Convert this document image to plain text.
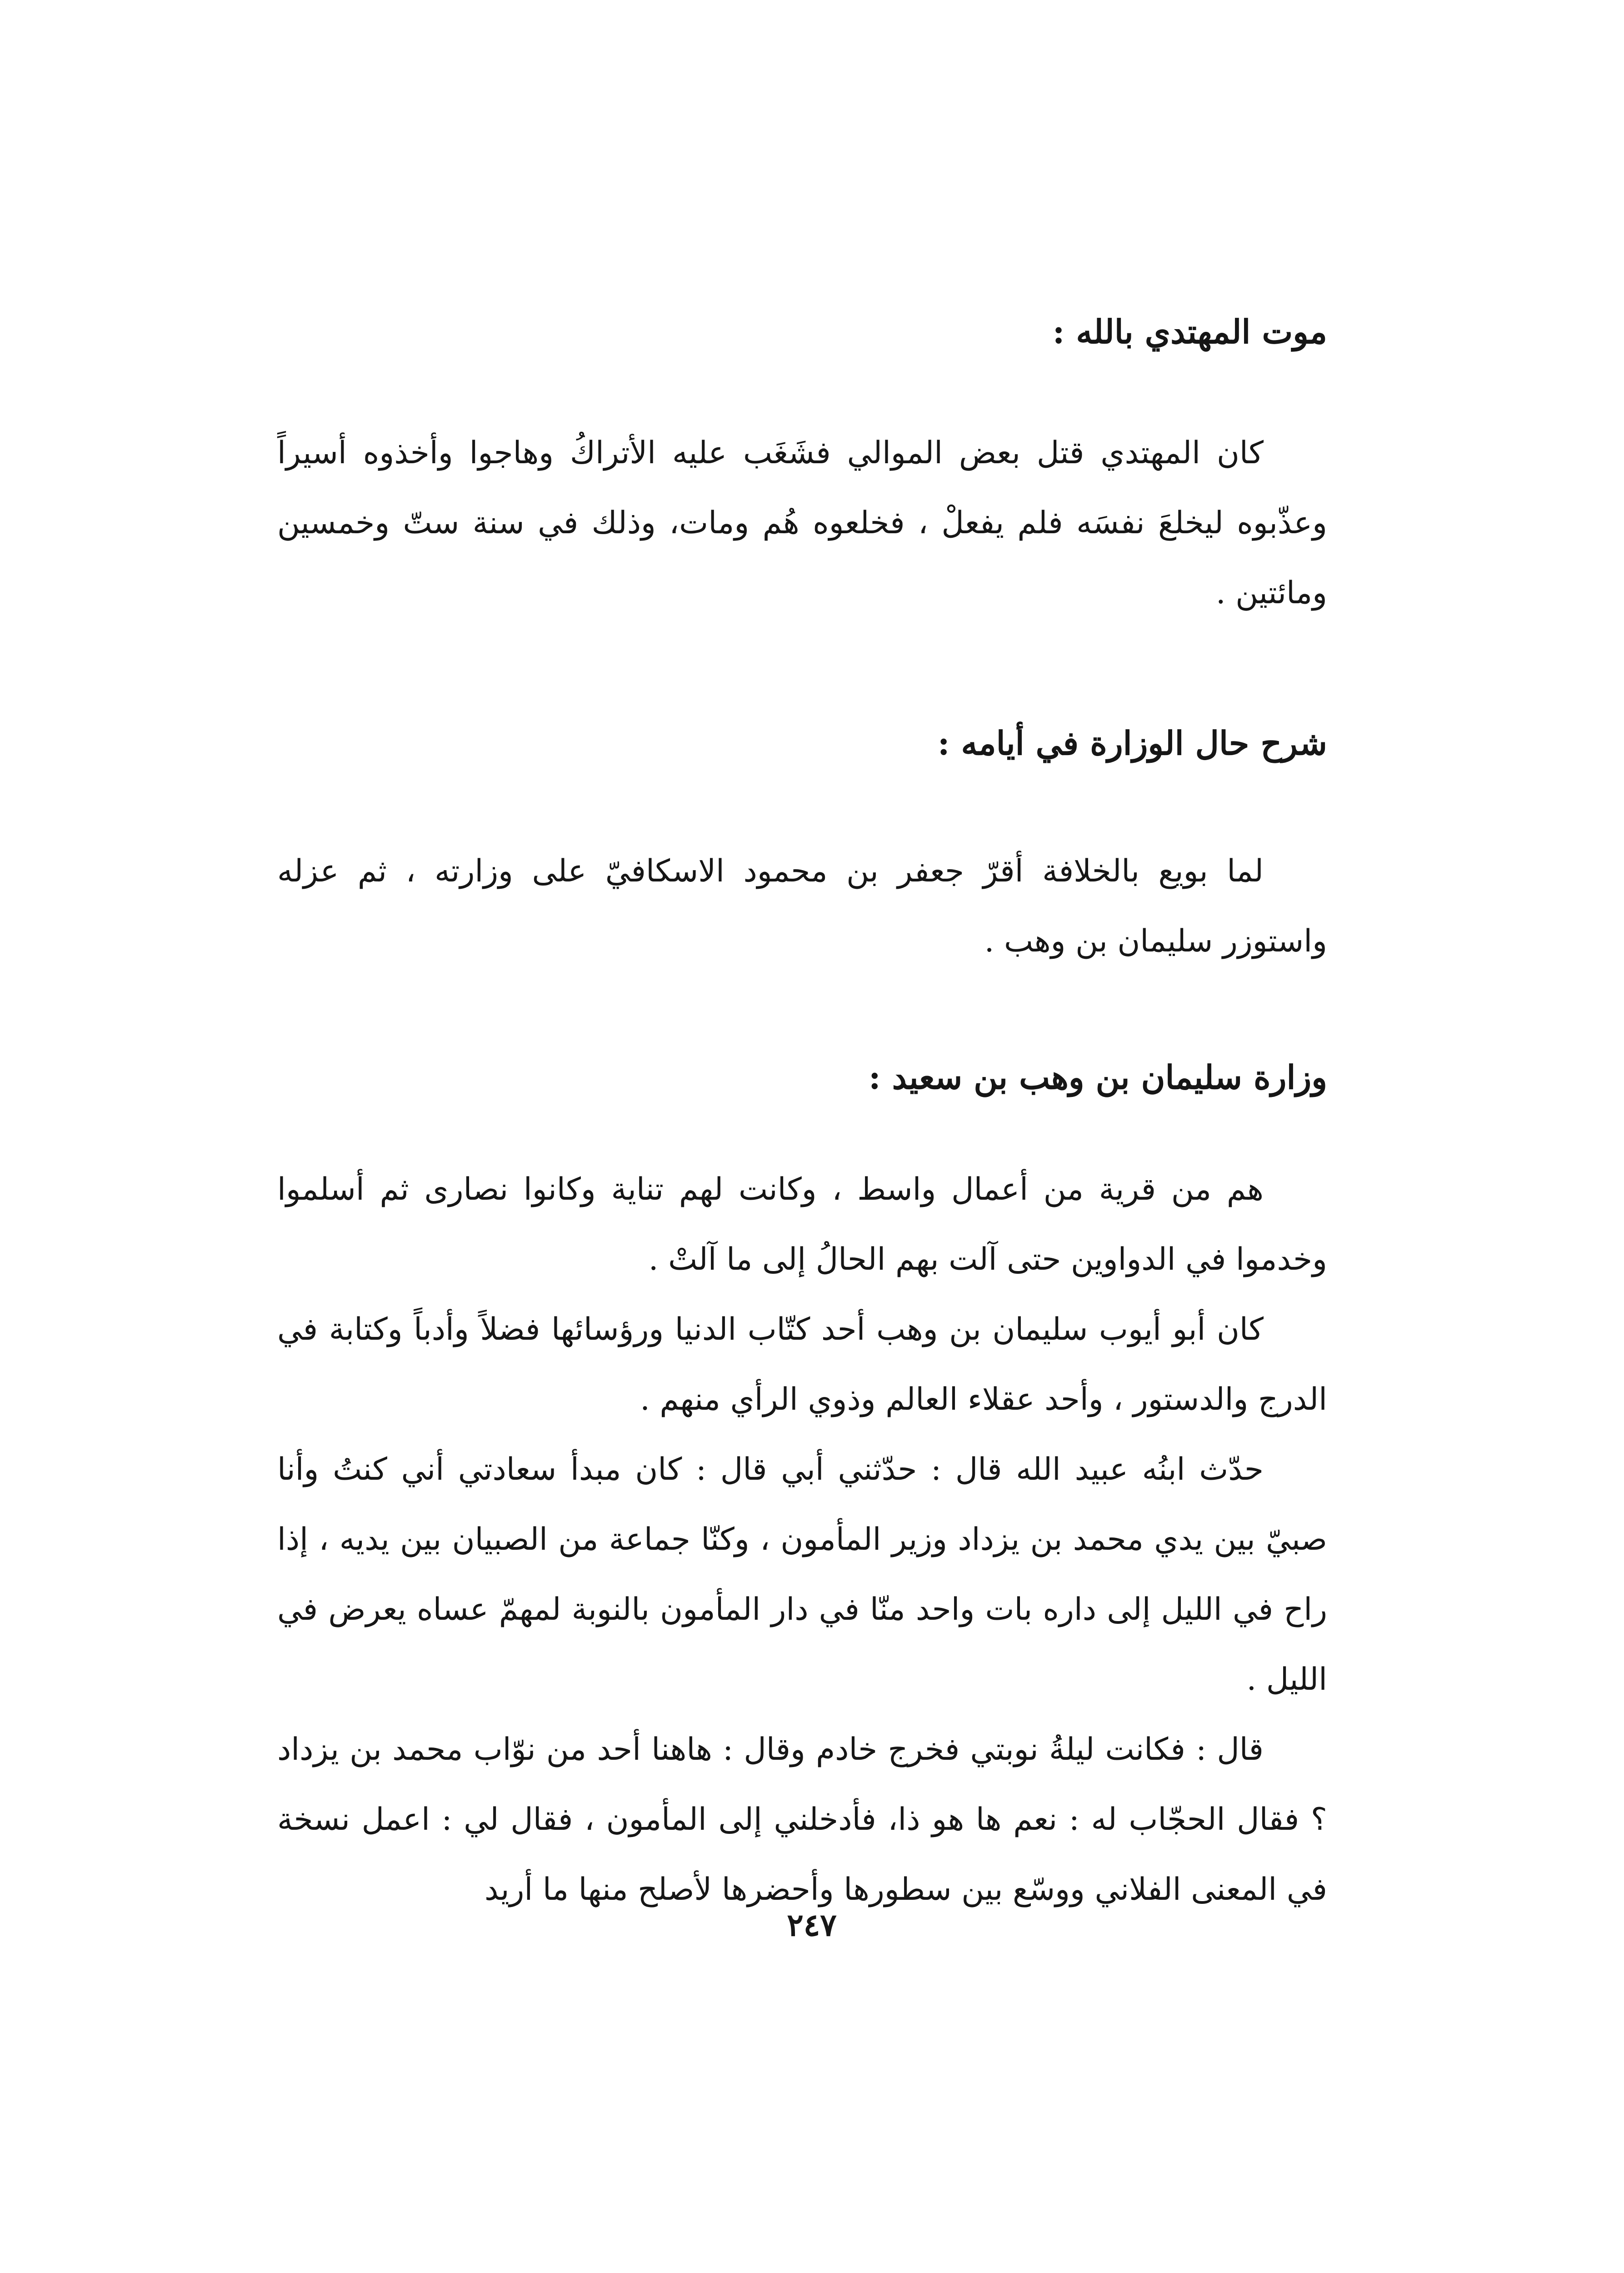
موت المهتدي بالله :

كان المهتدي قتل بعض الموالي فشَغَب عليه الأتراكُ وهاجوا وأخذوه أسيراً وعذّبوه ليخلعَ نفسَه فلم يفعلْ ، فخلعوه هُم ومات، وذلك في سنة ستّ وخمسين ومائتين .

شرح حال الوزارة في أيامه :

لما بويع بالخلافة أقرّ جعفر بن محمود الاسكافيّ على وزارته ، ثم عزله واستوزر سليمان بن وهب .

وزارة سليمان بن وهب بن سعيد :

هم من قرية من أعمال واسط ، وكانت لهم تناية وكانوا نصارى ثم أسلموا وخدموا في الدواوين حتى آلت بهم الحالُ إلى ما آلتْ .

كان أبو أيوب سليمان بن وهب أحد كتّاب الدنيا ورؤسائها فضلاً وأدباً وكتابة في الدرج والدستور ، وأحد عقلاء العالم وذوي الرأي منهم .

حدّث ابنُه عبيد الله قال : حدّثني أبي قال : كان مبدأ سعادتي أني كنتُ وأنا صبيّ بين يدي محمد بن يزداد وزير المأمون ، وكنّا جماعة من الصبيان بين يديه ، إذا راح في الليل إلى داره بات واحد منّا في دار المأمون بالنوبة لمهمّ عساه يعرض في الليل .

قال : فكانت ليلةُ نوبتي فخرج خادم وقال : هاهنا أحد من نوّاب محمد بن يزداد ؟ فقال الحجّاب له : نعم ها هو ذا، فأدخلني إلى المأمون ، فقال لي : اعمل نسخة في المعنى الفلاني ووسّع بين سطورها وأحضرها لأصلح منها ما أريد

٢٤٧
